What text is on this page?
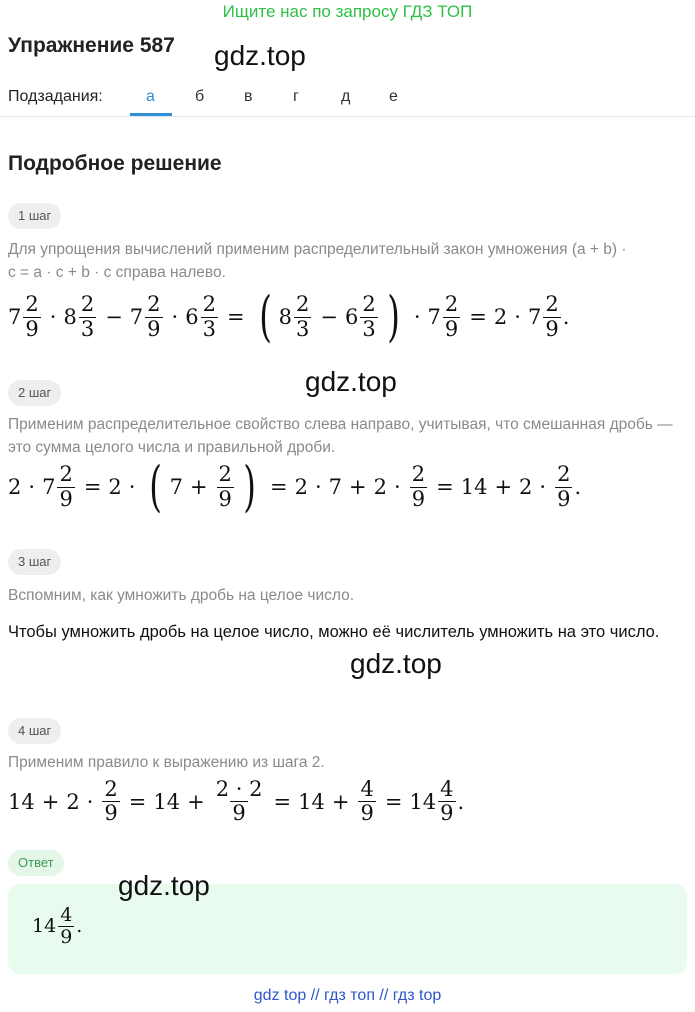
Ищите нас по запросу ГДЗ ТОП
Упражнение 587 gdz.top
Подзадания:	а	б в	г	д е
Подробное решение
1 шаг
Для упрощения вычислений применим распределительный закон умножения (a + b) ·
c = a · c + b · c справа налево.
$7 \frac{2}{9} \cdot 8 \frac{2}{3} - 7 \frac{2}{9} \cdot 6 \frac{2}{3}$ = ( $8 \frac{2}{3} - 6 \frac{2}{3}$ ) · $7 \frac{2}{9} = 2 \cdot 7 \frac{2}{9}$ .
gdz.top
2 шаг
Применим распределительное свойство слева направо, учитывая, что смешанная дробь — это сумма целого числа и правильной дроби.
$2 \cdot 7 \frac{2}{9} = 2$ · ( $7 + \frac{2}{9}$ ) = $2 \cdot 7 + 2 \cdot \frac{2}{9} = 14 + 2 \cdot \frac{2}{9}$ .
3 шаг
Вспомним, как умножить дробь на целое число.
Чтобы умножить дробь на целое число, можно её числитель умножить на это число.
gdz.top
4 шаг
Применим правило к выражению из шага 2.
$14 + 2 \cdot \frac{2}{9} = 14 + \frac{2 \cdot 2}{9} = 14 + \frac{4}{9} = 14 \frac{4}{9}$ .
Ответ
$14 \frac{4}{9}$ .
gdz.top
gdz top // гдз топ // гдз top
